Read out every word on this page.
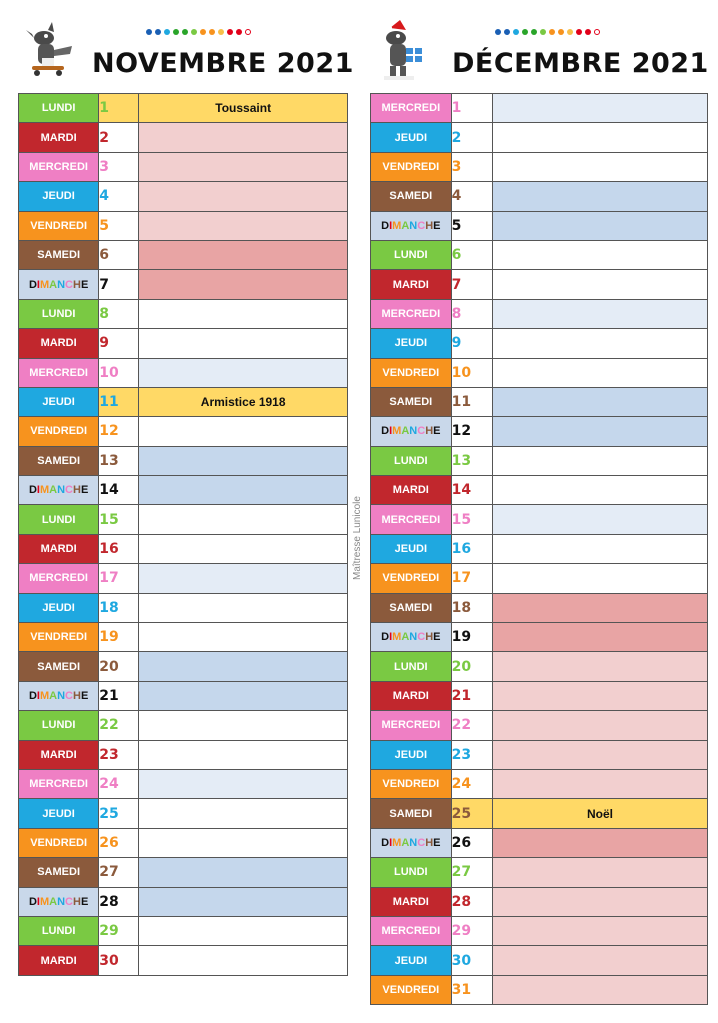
NOVEMBRE 2021
LUNDI	1	Toussaint
MARDI	2	
MERCREDI	3	
JEUDI	4	
VENDREDI	5	
SAMEDI	6	
DIMANCHE	7	
LUNDI	8	
MARDI	9	
MERCREDI	10	
JEUDI	11	Armistice 1918
VENDREDI	12	
SAMEDI	13	
DIMANCHE	14	
LUNDI	15	
MARDI	16	
MERCREDI	17	
JEUDI	18	
VENDREDI	19	
SAMEDI	20	
DIMANCHE	21	
LUNDI	22	
MARDI	23	
MERCREDI	24	
JEUDI	25	
VENDREDI	26	
SAMEDI	27	
DIMANCHE	28	
LUNDI	29	
MARDI	30	
DÉCEMBRE 2021
MERCREDI	1	
JEUDI	2	
VENDREDI	3	
SAMEDI	4	
DIMANCHE	5	
LUNDI	6	
MARDI	7	
MERCREDI	8	
JEUDI	9	
VENDREDI	10	
SAMEDI	11	
DIMANCHE	12	
LUNDI	13	
MARDI	14	
MERCREDI	15	
JEUDI	16	
VENDREDI	17	
SAMEDI	18	
DIMANCHE	19	
LUNDI	20	
MARDI	21	
MERCREDI	22	
JEUDI	23	
VENDREDI	24	
SAMEDI	25	Noël
DIMANCHE	26	
LUNDI	27	
MARDI	28	
MERCREDI	29	
JEUDI	30	
VENDREDI	31	
Maîtresse Lunicole
